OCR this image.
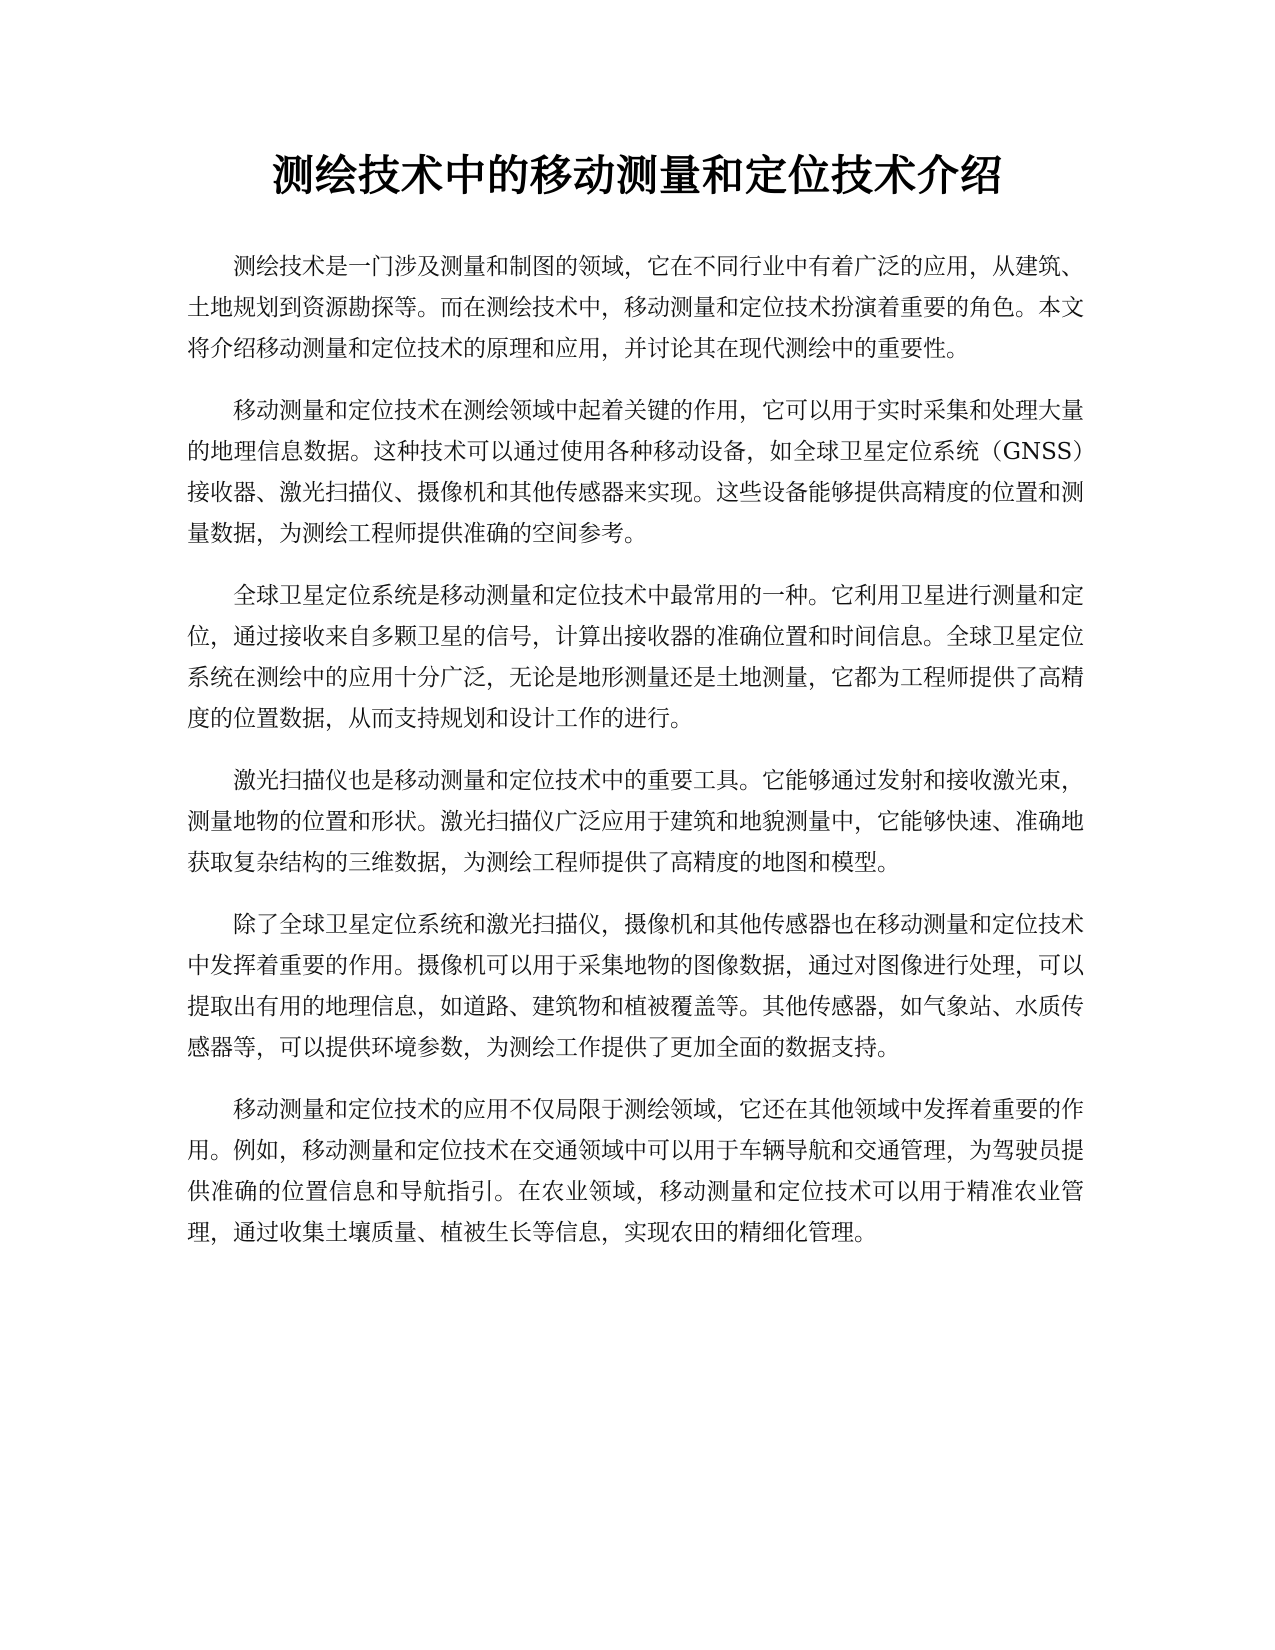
测绘技术中的移动测量和定位技术介绍

测绘技术是一门涉及测量和制图的领域，它在不同行业中有着广泛的应用，从建筑、土地规划到资源勘探等。而在测绘技术中，移动测量和定位技术扮演着重要的角色。本文将介绍移动测量和定位技术的原理和应用，并讨论其在现代测绘中的重要性。

移动测量和定位技术在测绘领域中起着关键的作用，它可以用于实时采集和处理大量的地理信息数据。这种技术可以通过使用各种移动设备，如全球卫星定位系统（GNSS）接收器、激光扫描仪、摄像机和其他传感器来实现。这些设备能够提供高精度的位置和测量数据，为测绘工程师提供准确的空间参考。

全球卫星定位系统是移动测量和定位技术中最常用的一种。它利用卫星进行测量和定位，通过接收来自多颗卫星的信号，计算出接收器的准确位置和时间信息。全球卫星定位系统在测绘中的应用十分广泛，无论是地形测量还是土地测量，它都为工程师提供了高精度的位置数据，从而支持规划和设计工作的进行。

激光扫描仪也是移动测量和定位技术中的重要工具。它能够通过发射和接收激光束，测量地物的位置和形状。激光扫描仪广泛应用于建筑和地貌测量中，它能够快速、准确地获取复杂结构的三维数据，为测绘工程师提供了高精度的地图和模型。

除了全球卫星定位系统和激光扫描仪，摄像机和其他传感器也在移动测量和定位技术中发挥着重要的作用。摄像机可以用于采集地物的图像数据，通过对图像进行处理，可以提取出有用的地理信息，如道路、建筑物和植被覆盖等。其他传感器，如气象站、水质传感器等，可以提供环境参数，为测绘工作提供了更加全面的数据支持。

移动测量和定位技术的应用不仅局限于测绘领域，它还在其他领域中发挥着重要的作用。例如，移动测量和定位技术在交通领域中可以用于车辆导航和交通管理，为驾驶员提供准确的位置信息和导航指引。在农业领域，移动测量和定位技术可以用于精准农业管理，通过收集土壤质量、植被生长等信息，实现农田的精细化管理。
